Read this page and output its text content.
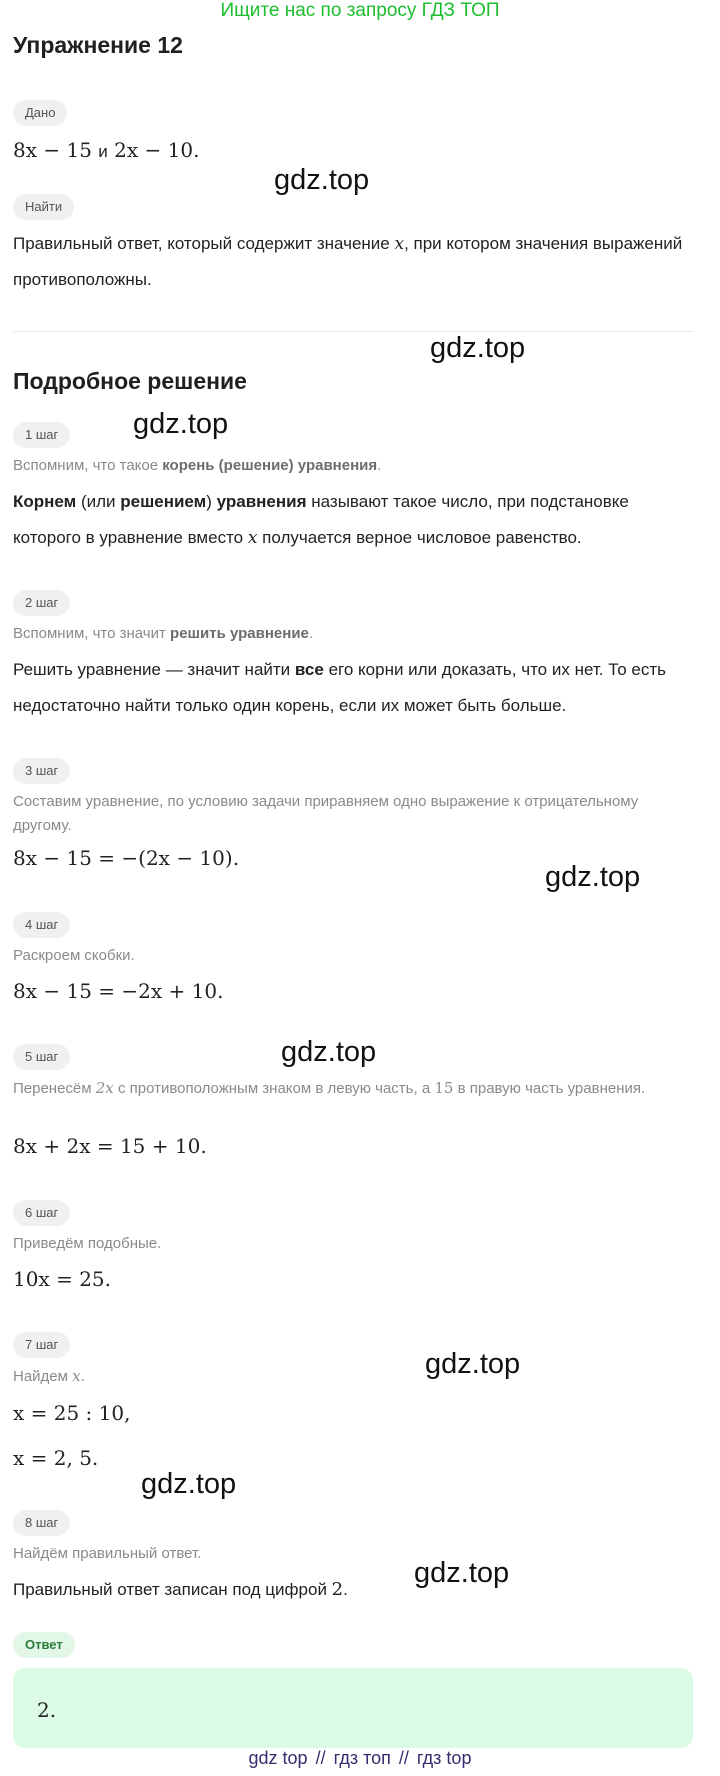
Ищите нас по запросу ГДЗ ТОП
Упражнение 12
Дано
8x − 15 и 2x − 10.
Найти
Правильный ответ, который содержит значение x, при котором значения выражений противоположны.
Подробное решение
1 шаг
Вспомним, что такое корень (решение) уравнения.
Корнем (или решением) уравнения называют такое число, при подстановке которого в уравнение вместо x получается верное числовое равенство.
2 шаг
Вспомним, что значит решить уравнение.
Решить уравнение — значит найти все его корни или доказать, что их нет. То есть недостаточно найти только один корень, если их может быть больше.
3 шаг
Составим уравнение, по условию задачи приравняем одно выражение к отрицательному другому.
8x − 15 = −(2x − 10).
4 шаг
Раскроем скобки.
8x − 15 = −2x + 10.
5 шаг
Перенесём 2x с противоположным знаком в левую часть, а 15 в правую часть уравнения.
8x + 2x = 15 + 10.
6 шаг
Приведём подобные.
10x = 25.
7 шаг
Найдем x.
x = 25 : 10,
x = 2, 5.
8 шаг
Найдём правильный ответ.
Правильный ответ записан под цифрой 2.
Ответ
2.
gdz.top
gdz.top
gdz.top
gdz.top
gdz.top
gdz.top
gdz.top
gdz.top
gdz top // гдз топ // гдз top
